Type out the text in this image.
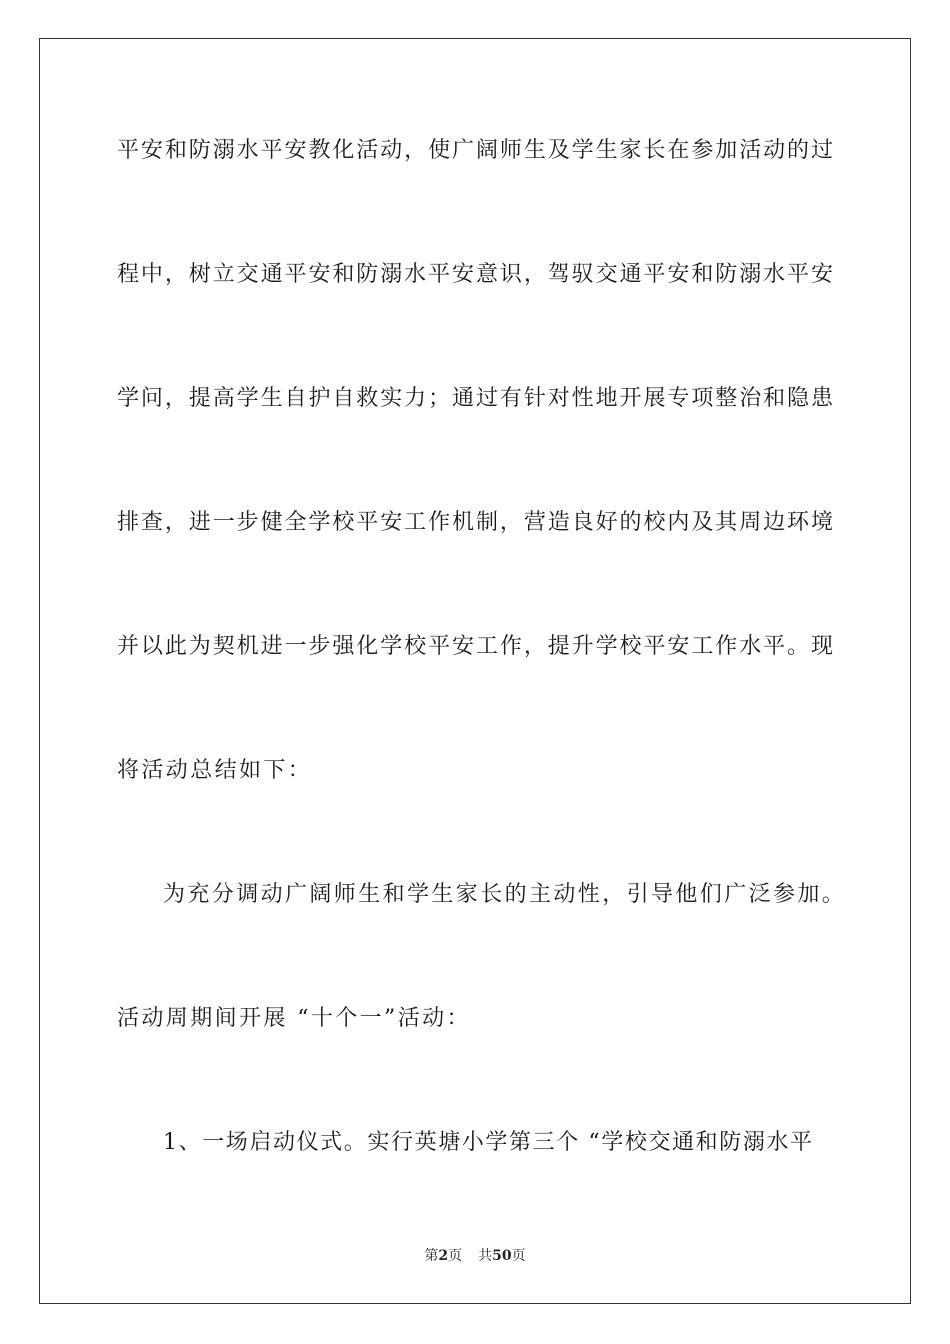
平安和防溺水平安教化活动，使广阔师生及学生家长在参加活动的过
程中，树立交通平安和防溺水平安意识，驾驭交通平安和防溺水平安
学问，提高学生自护自救实力；通过有针对性地开展专项整治和隐患
排查，进一步健全学校平安工作机制，营造良好的校内及其周边环境
并以此为契机进一步强化学校平安工作，提升学校平安工作水平。现
将活动总结如下：
为充分调动广阔师生和学生家长的主动性，引导他们广泛参加。
活动周期间开展 “十个一”活动：
1、一场启动仪式。实行英塘小学第三个 “学校交通和防溺水平
第2页 共50页
